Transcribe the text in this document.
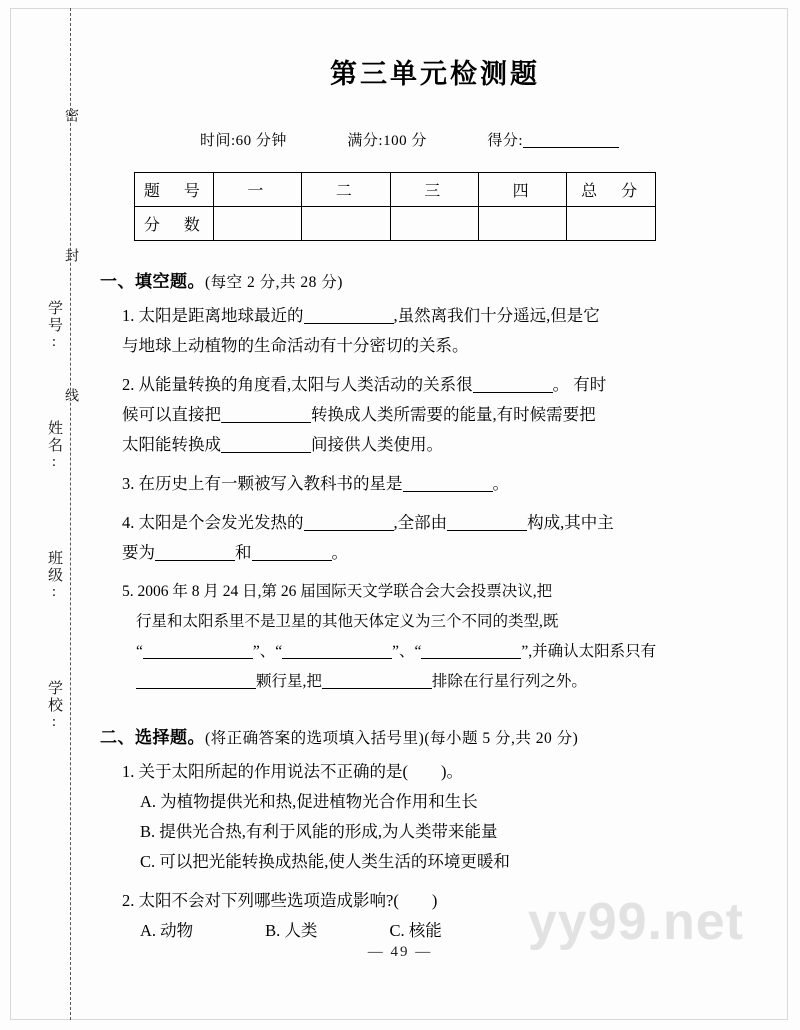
学号:
姓名:
班级:
学校:
密
封
线
第三单元检测题
时间:60 分钟	满分:100 分	得分:
题　号	一	二	三	四	总　分
分　数					
一、填空题。(每空 2 分,共 28 分)

1. 太阳是距离地球最近的	,虽然离我们十分遥远,但是它

与地球上动植物的生命活动有十分密切的关系。

2. 从能量转换的角度看,太阳与人类活动的关系很	。 有时

候可以直接把	转换成人类所需要的能量,有时候需要把

太阳能转换成	间接供人类使用。

3. 在历史上有一颗被写入教科书的星是	。

4. 太阳是个会发光发热的	,全部由	构成,其中主

要为	和	。

5. 2006 年 8 月 24 日,第 26 届国际天文学联合会大会投票决议,把

行星和太阳系里不是卫星的其他天体定义为三个不同的类型,既

“	”、“	”、“	”,并确认太阳系只有

颗行星,把	排除在行星行列之外。

二、选择题。(将正确答案的选项填入括号里)(每小题 5 分,共 20 分)

1. 关于太阳所起的作用说法不正确的是(　　)。

A. 为植物提供光和热,促进植物光合作用和生长
B. 提供光合热,有利于风能的形成,为人类带来能量
C. 可以把光能转换成热能,使人类生活的环境更暖和

2. 太阳不会对下列哪些选项造成影响?(　　)

A. 动物	B. 人类	C. 核能	yy99.net
— 49 —
